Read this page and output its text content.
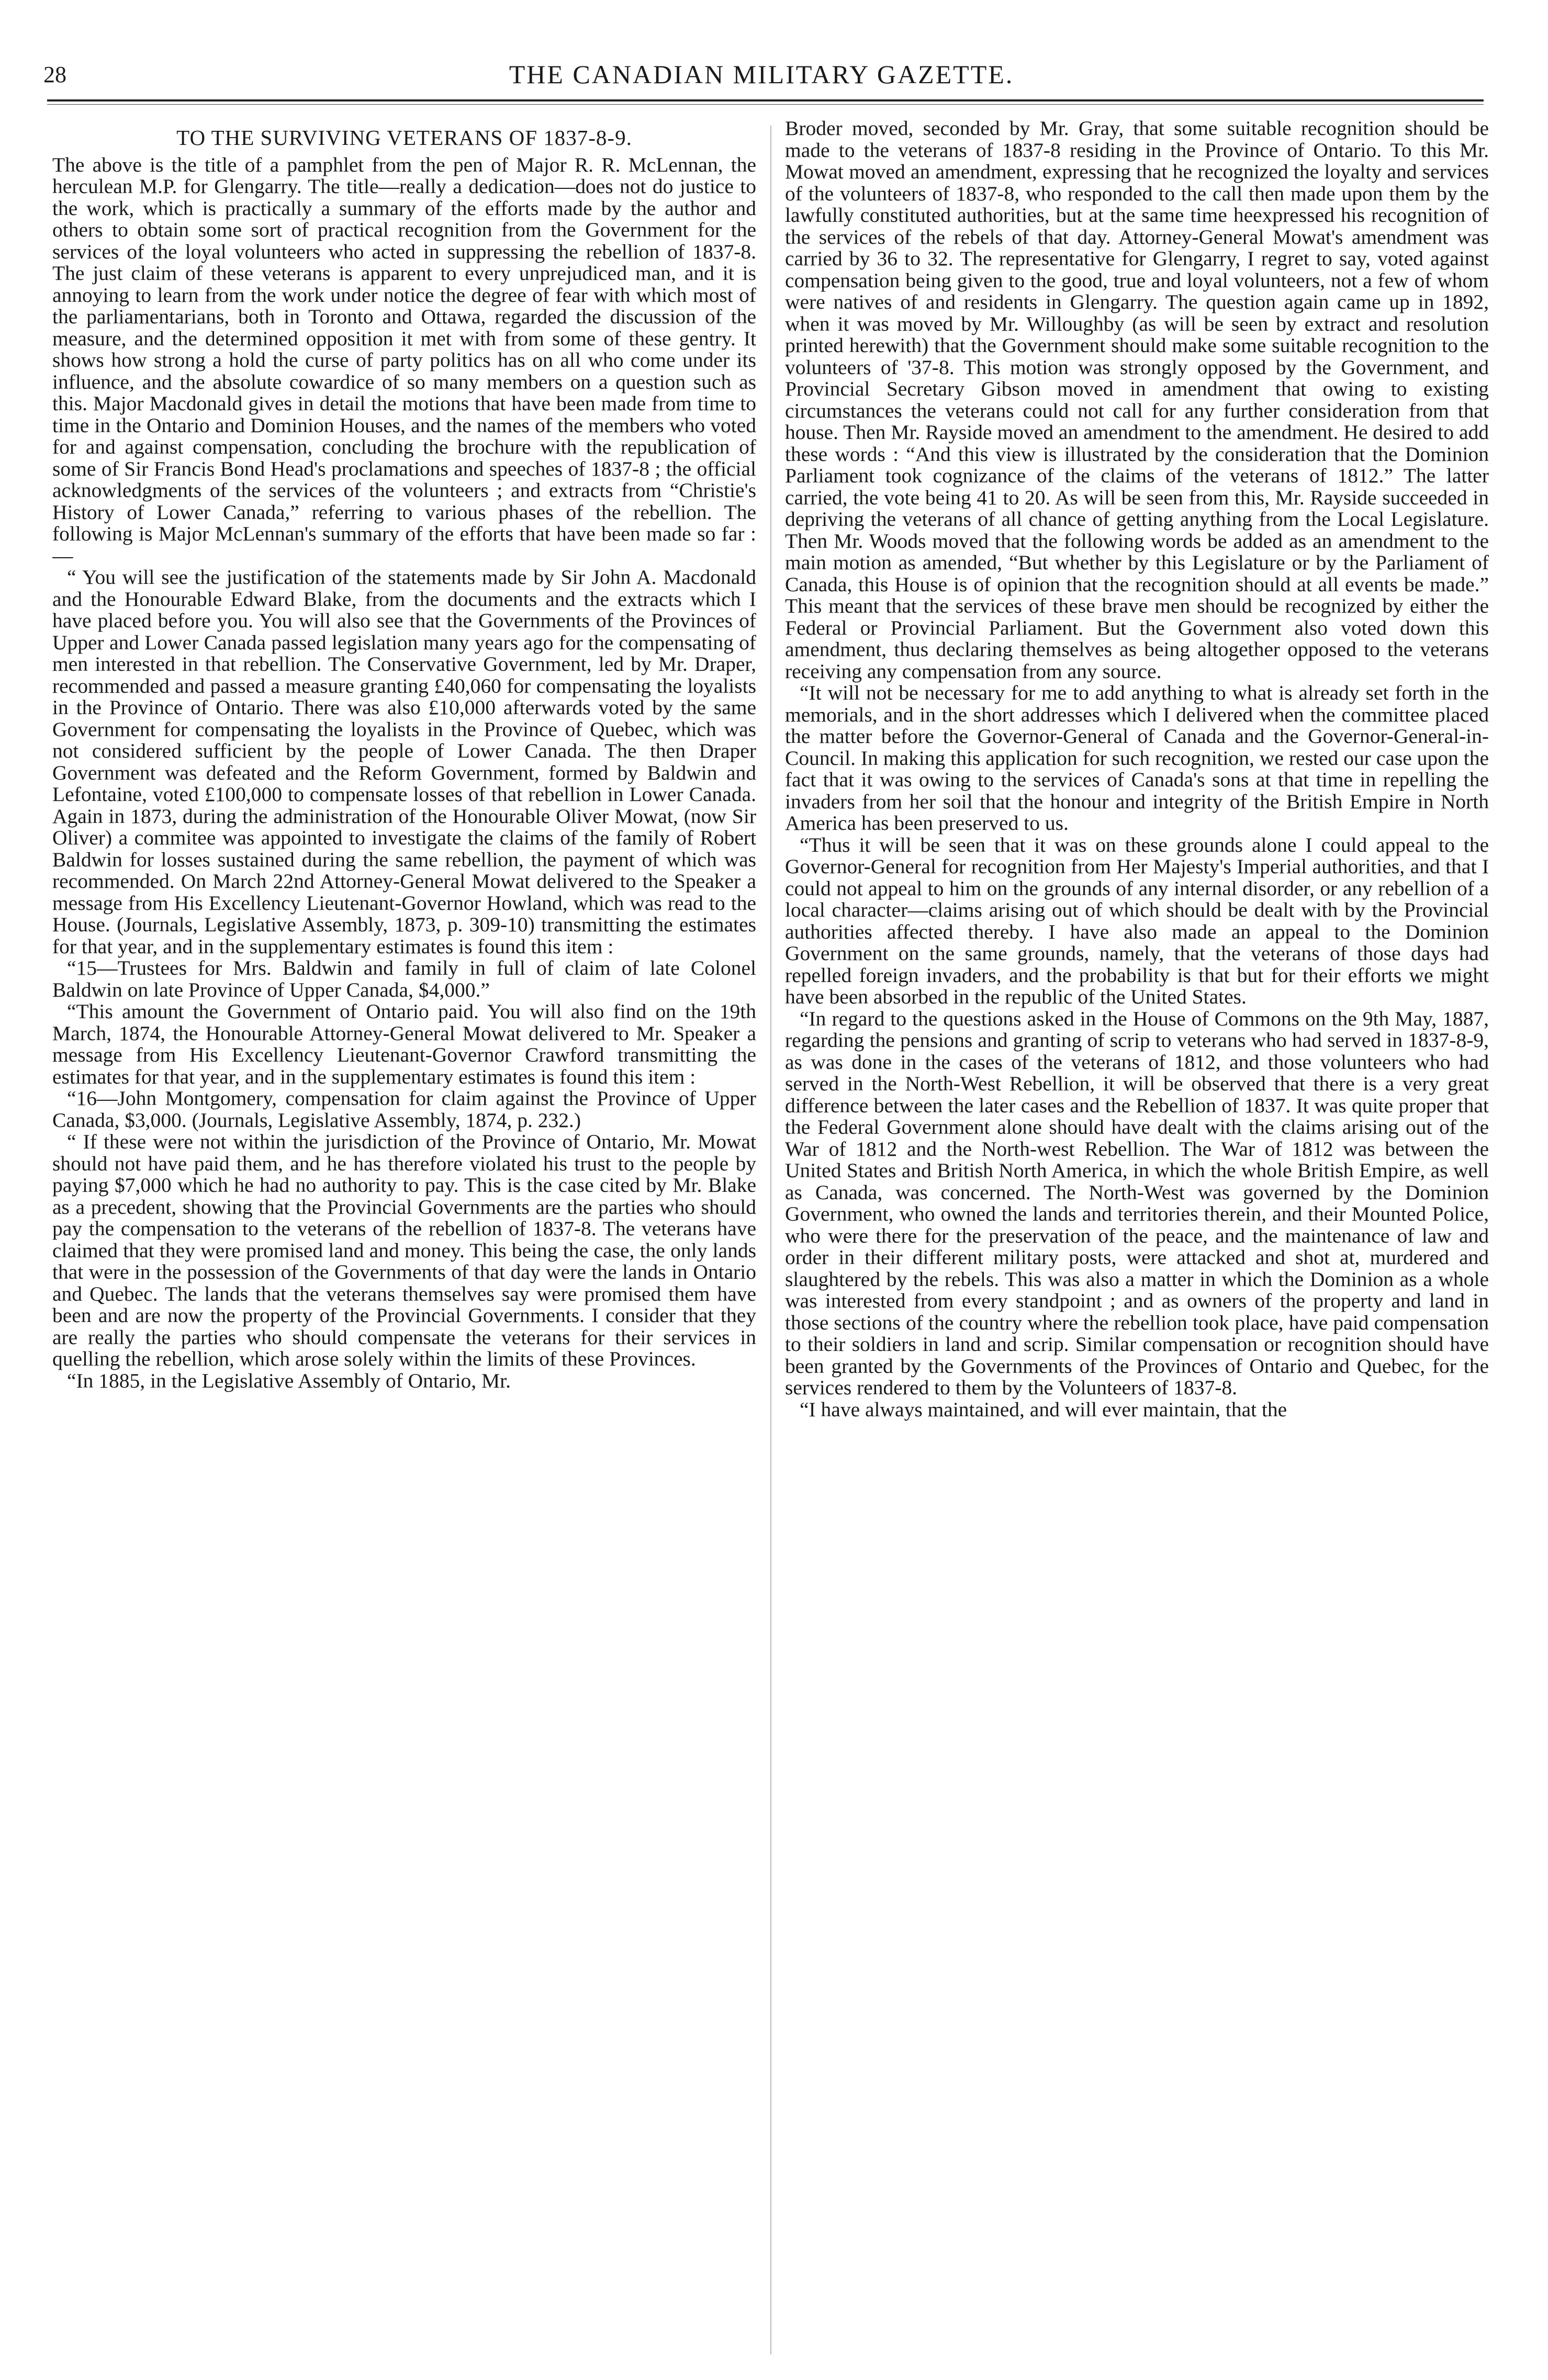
28	THE CANADIAN MILITARY GAZETTE.
TO THE SURVIVING VETERANS OF 1837-8-9.

The above is the title of a pamphlet from the pen of Major R. R. McLennan, the herculean M.P. for Glengarry. The title—really a dedication—does not do justice to the work, which is practically a summary of the efforts made by the author and others to obtain some sort of practical recognition from the Government for the services of the loyal volunteers who acted in suppressing the rebellion of 1837-8. The just claim of these veterans is apparent to every unprejudiced man, and it is annoying to learn from the work under notice the degree of fear with which most of the parliamentarians, both in Toronto and Ottawa, regarded the discussion of the measure, and the determined opposition it met with from some of these gentry. It shows how strong a hold the curse of party politics has on all who come under its influence, and the absolute cowardice of so many members on a question such as this. Major Macdonald gives in detail the motions that have been made from time to time in the Ontario and Dominion Houses, and the names of the members who voted for and against compensation, concluding the brochure with the republication of some of Sir Francis Bond Head's proclamations and speeches of 1837-8 ; the official acknowledgments of the services of the volunteers ; and extracts from “Christie's History of Lower Canada,” referring to various phases of the rebellion. The following is Major McLennan's summary of the efforts that have been made so far :—

“ You will see the justification of the statements made by Sir John A. Macdonald and the Honourable Edward Blake, from the documents and the extracts which I have placed before you. You will also see that the Governments of the Provinces of Upper and Lower Canada passed legislation many years ago for the compensating of men interested in that rebellion. The Conservative Government, led by Mr. Draper, recommended and passed a measure granting £40,060 for compensating the loyalists in the Province of Ontario. There was also £10,000 afterwards voted by the same Government for compensating the loyalists in the Province of Quebec, which was not considered sufficient by the people of Lower Canada. The then Draper Government was defeated and the Reform Government, formed by Baldwin and Lefontaine, voted £100,000 to compensate losses of that rebellion in Lower Canada. Again in 1873, during the administration of the Honourable Oliver Mowat, (now Sir Oliver) a commitee was appointed to investigate the claims of the family of Robert Baldwin for losses sustained during the same rebellion, the payment of which was recommended. On March 22nd Attorney-General Mowat delivered to the Speaker a message from His Excellency Lieutenant-Governor Howland, which was read to the House. (Journals, Legislative Assembly, 1873, p. 309-10) transmitting the estimates for that year, and in the supplementary estimates is found this item :

“15—Trustees for Mrs. Baldwin and family in full of claim of late Colonel Baldwin on late Province of Upper Canada, $4,000.”

“This amount the Government of Ontario paid. You will also find on the 19th March, 1874, the Honourable Attorney-General Mowat delivered to Mr. Speaker a message from His Excellency Lieutenant-Governor Crawford transmitting the estimates for that year, and in the supplementary estimates is found this item :

“16—John Montgomery, compensation for claim against the Province of Upper Canada, $3,000. (Journals, Legislative Assembly, 1874, p. 232.)

“ If these were not within the jurisdiction of the Province of Ontario, Mr. Mowat should not have paid them, and he has therefore violated his trust to the people by paying $7,000 which he had no authority to pay. This is the case cited by Mr. Blake as a precedent, showing that the Provincial Governments are the parties who should pay the compensation to the veterans of the rebellion of 1837-8. The veterans have claimed that they were promised land and money. This being the case, the only lands that were in the possession of the Governments of that day were the lands in Ontario and Quebec. The lands that the veterans themselves say were promised them have been and are now the property of the Provincial Governments. I consider that they are really the parties who should compensate the veterans for their services in quelling the rebellion, which arose solely within the limits of these Provinces.

“In 1885, in the Legislative Assembly of Ontario, Mr.

Broder moved, seconded by Mr. Gray, that some suitable recognition should be made to the veterans of 1837-8 residing in the Province of Ontario. To this Mr. Mowat moved an amendment, expressing that he recognized the loyalty and services of the volunteers of 1837-8, who responded to the call then made upon them by the lawfully constituted authorities, but at the same time heexpressed his recognition of the services of the rebels of that day. Attorney-General Mowat's amendment was carried by 36 to 32. The representative for Glengarry, I regret to say, voted against compensation being given to the good, true and loyal volunteers, not a few of whom were natives of and residents in Glengarry. The question again came up in 1892, when it was moved by Mr. Willoughby (as will be seen by extract and resolution printed herewith) that the Government should make some suitable recognition to the volunteers of '37-8. This motion was strongly opposed by the Government, and Provincial Secretary Gibson moved in amendment that owing to existing circumstances the veterans could not call for any further consideration from that house. Then Mr. Rayside moved an amendment to the amendment. He desired to add these words : “And this view is illustrated by the consideration that the Dominion Parliament took cognizance of the claims of the veterans of 1812.” The latter carried, the vote being 41 to 20. As will be seen from this, Mr. Rayside succeeded in depriving the veterans of all chance of getting anything from the Local Legislature. Then Mr. Woods moved that the following words be added as an amendment to the main motion as amended, “But whether by this Legislature or by the Parliament of Canada, this House is of opinion that the recognition should at all events be made.” This meant that the services of these brave men should be recognized by either the Federal or Provincial Parliament. But the Government also voted down this amendment, thus declaring themselves as being altogether opposed to the veterans receiving any compensation from any source.

“It will not be necessary for me to add anything to what is already set forth in the memorials, and in the short addresses which I delivered when the committee placed the matter before the Governor-General of Canada and the Governor-General-in-Council. In making this application for such recognition, we rested our case upon the fact that it was owing to the services of Canada's sons at that time in repelling the invaders from her soil that the honour and integrity of the British Empire in North America has been preserved to us.

“Thus it will be seen that it was on these grounds alone I could appeal to the Governor-General for recognition from Her Majesty's Imperial authorities, and that I could not appeal to him on the grounds of any internal disorder, or any rebellion of a local character—claims arising out of which should be dealt with by the Provincial authorities affected thereby. I have also made an appeal to the Dominion Government on the same grounds, namely, that the veterans of those days had repelled foreign invaders, and the probability is that but for their efforts we might have been absorbed in the republic of the United States.

“In regard to the questions asked in the House of Commons on the 9th May, 1887, regarding the pensions and granting of scrip to veterans who had served in 1837-8-9, as was done in the cases of the veterans of 1812, and those volunteers who had served in the North-West Rebellion, it will be observed that there is a very great difference between the later cases and the Rebellion of 1837. It was quite proper that the Federal Government alone should have dealt with the claims arising out of the War of 1812 and the North-west Rebellion. The War of 1812 was between the United States and British North America, in which the whole British Empire, as well as Canada, was concerned. The North-West was governed by the Dominion Government, who owned the lands and territories therein, and their Mounted Police, who were there for the preservation of the peace, and the maintenance of law and order in their different military posts, were attacked and shot at, murdered and slaughtered by the rebels. This was also a matter in which the Dominion as a whole was interested from every standpoint ; and as owners of the property and land in those sections of the country where the rebellion took place, have paid compensation to their soldiers in land and scrip. Similar compensation or recognition should have been granted by the Governments of the Provinces of Ontario and Quebec, for the services rendered to them by the Volunteers of 1837-8.

“I have always maintained, and will ever maintain, that the
